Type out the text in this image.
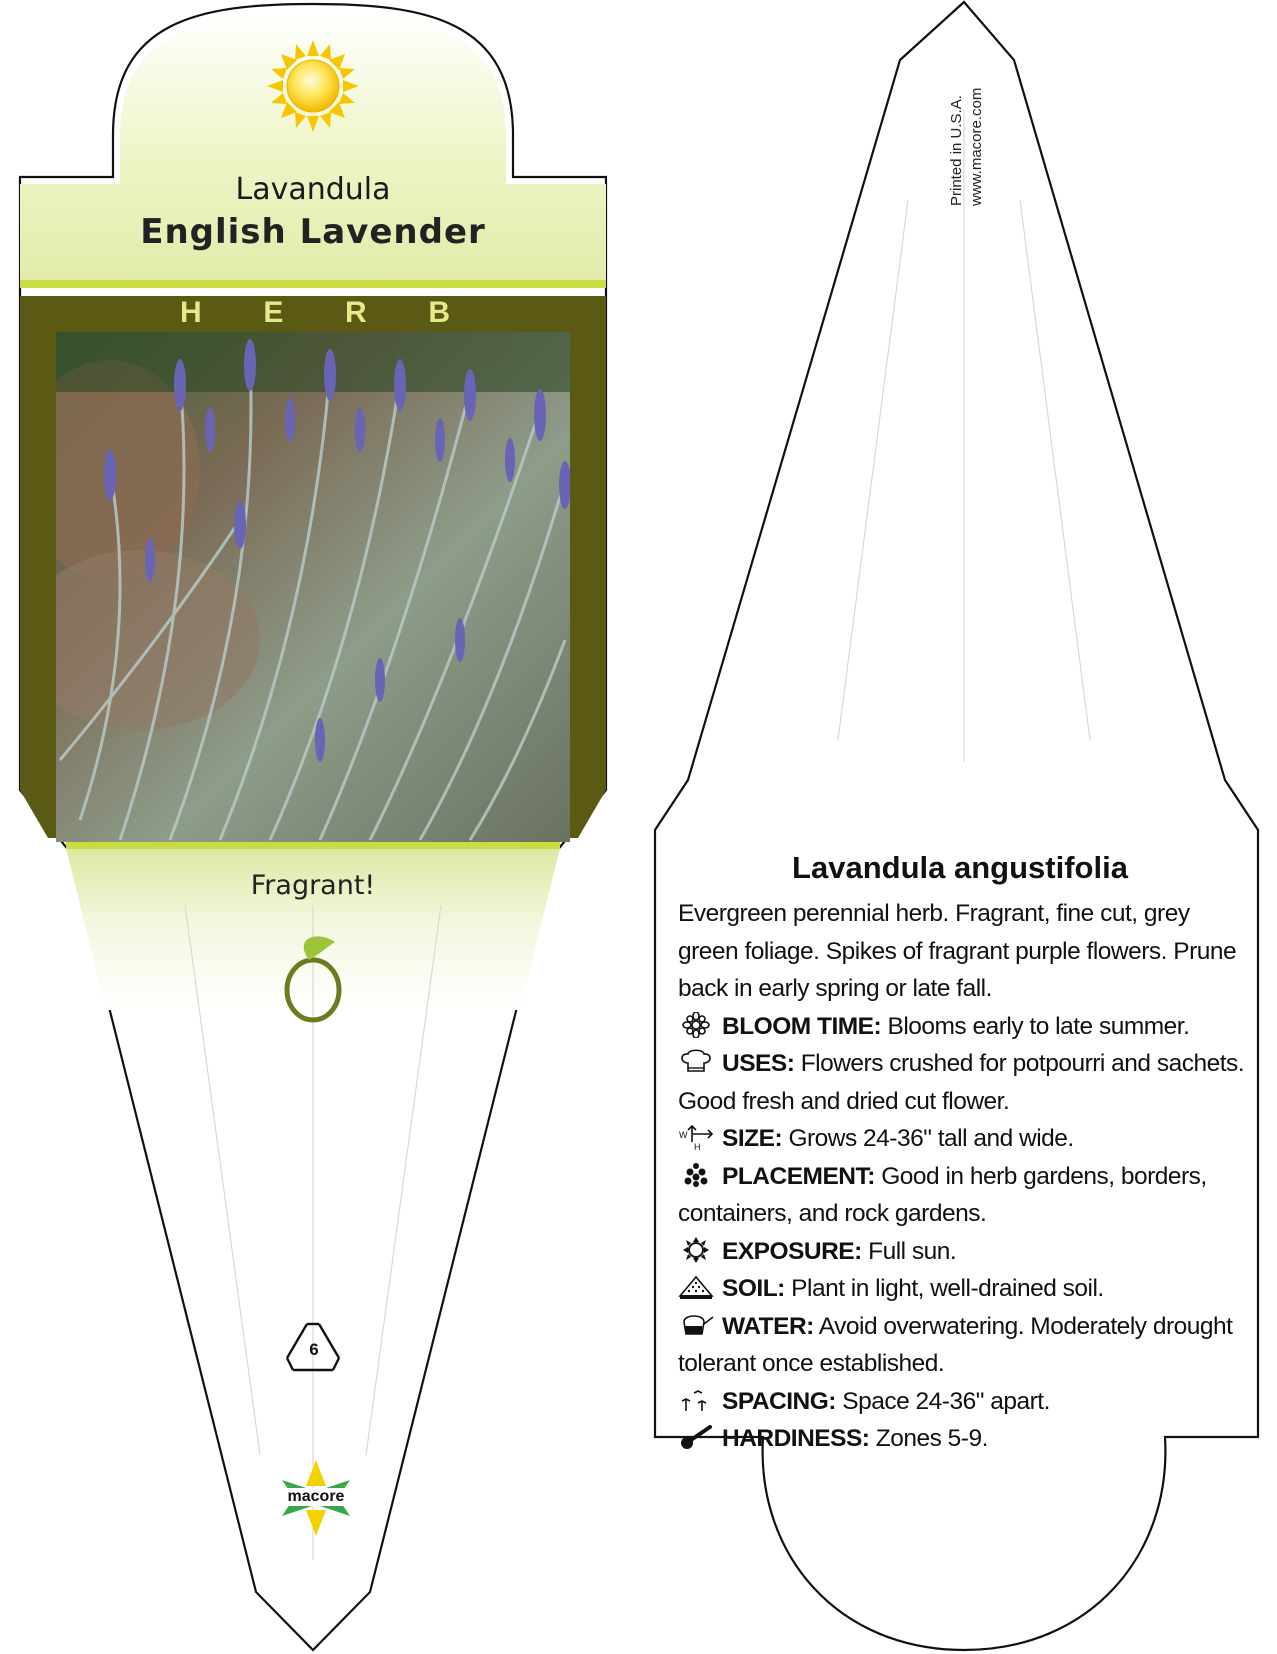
Lavandula
English Lavender
H E R B
Fragrant!
6
macore
Printed in U.S.A. www.macore.com
Lavandula angustifolia
Evergreen perennial herb. Fragrant, fine cut, grey green foliage. Spikes of fragrant purple flowers. Prune back in early spring or late fall.
BLOOM TIME: Blooms early to late summer.
USES: Flowers crushed for potpourri and sachets. Good fresh and dried cut flower.
W
H SIZE: Grows 24-36" tall and wide.
PLACEMENT: Good in herb gardens, borders, containers, and rock gardens.
EXPOSURE: Full sun.
SOIL: Plant in light, well-drained soil.
WATER: Avoid overwatering. Moderately drought tolerant once established.
SPACING: Space 24-36" apart.
HARDINESS: Zones 5-9.
